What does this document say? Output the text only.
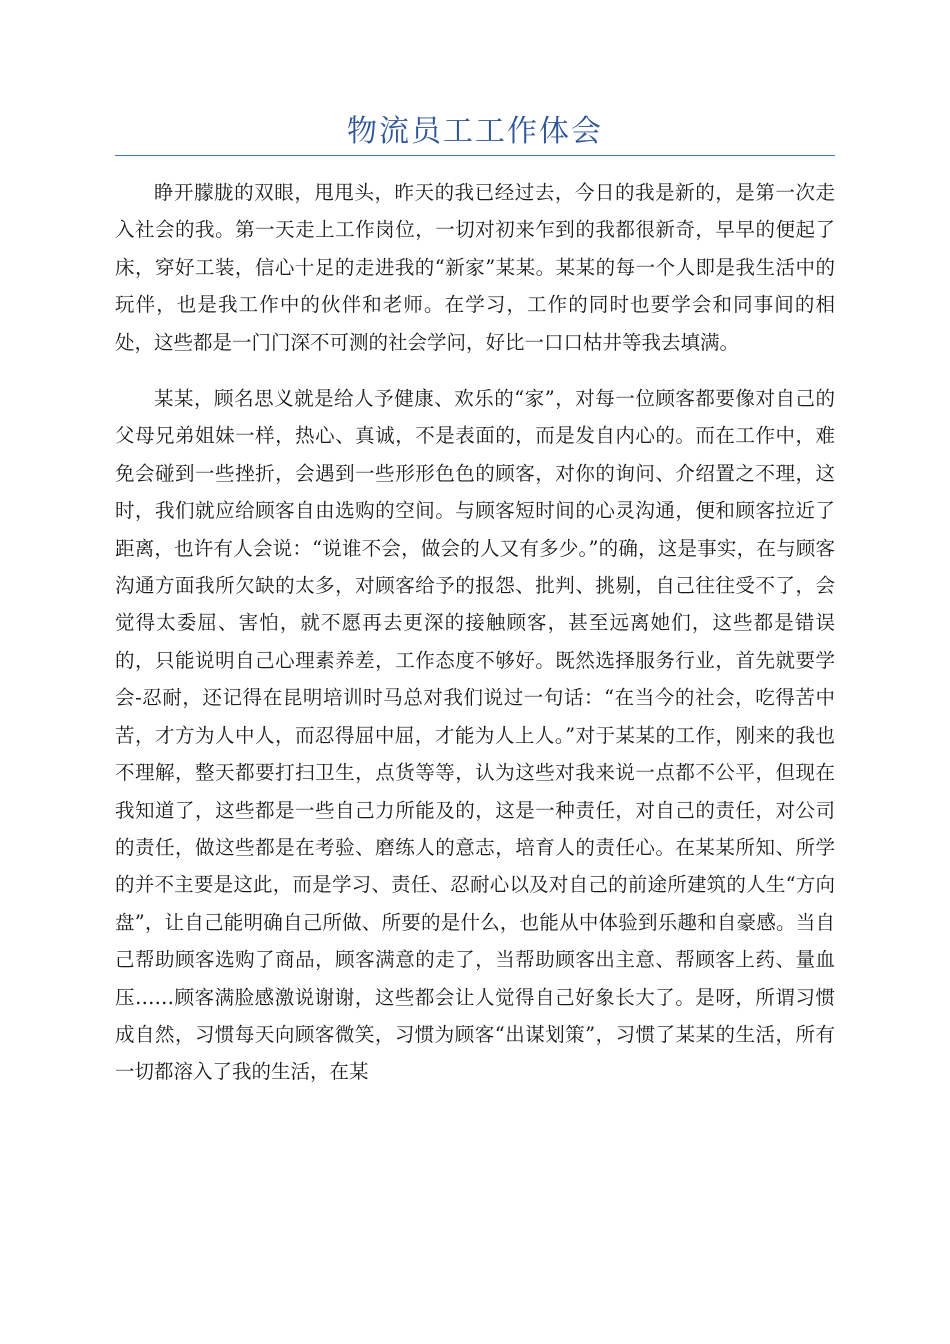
物流员工工作体会

睁开朦胧的双眼，甩甩头，昨天的我已经过去，今日的我是新的，是第一次走入社会的我。第一天走上工作岗位，一切对初来乍到的我都很新奇，早早的便起了床，穿好工装，信心十足的走进我的“新家”某某。某某的每一个人即是我生活中的玩伴，也是我工作中的伙伴和老师。在学习，工作的同时也要学会和同事间的相处，这些都是一门门深不可测的社会学问，好比一口口枯井等我去填满。

某某，顾名思义就是给人予健康、欢乐的“家”，对每一位顾客都要像对自己的父母兄弟姐妹一样，热心、真诚，不是表面的，而是发自内心的。而在工作中，难免会碰到一些挫折，会遇到一些形形色色的顾客，对你的询问、介绍置之不理，这时，我们就应给顾客自由选购的空间。与顾客短时间的心灵沟通，便和顾客拉近了距离，也许有人会说：“说谁不会，做会的人又有多少。”的确，这是事实，在与顾客沟通方面我所欠缺的太多，对顾客给予的报怨、批判、挑剔，自己往往受不了，会觉得太委屈、害怕，就不愿再去更深的接触顾客，甚至远离她们，这些都是错误的，只能说明自己心理素养差，工作态度不够好。既然选择服务行业，首先就要学会-忍耐，还记得在昆明培训时马总对我们说过一句话：“在当今的社会，吃得苦中苦，才方为人中人，而忍得屈中屈，才能为人上人。”对于某某的工作，刚来的我也不理解，整天都要打扫卫生，点货等等，认为这些对我来说一点都不公平，但现在我知道了，这些都是一些自己力所能及的，这是一种责任，对自己的责任，对公司的责任，做这些都是在考验、磨练人的意志，培育人的责任心。在某某所知、所学的并不主要是这此，而是学习、责任、忍耐心以及对自己的前途所建筑的人生“方向盘”，让自己能明确自己所做、所要的是什么，也能从中体验到乐趣和自豪感。当自己帮助顾客选购了商品，顾客满意的走了，当帮助顾客出主意、帮顾客上药、量血压……顾客满脸感激说谢谢，这些都会让人觉得自己好象长大了。是呀，所谓习惯成自然，习惯每天向顾客微笑，习惯为顾客“出谋划策”，习惯了某某的生活，所有一切都溶入了我的生活，在某
